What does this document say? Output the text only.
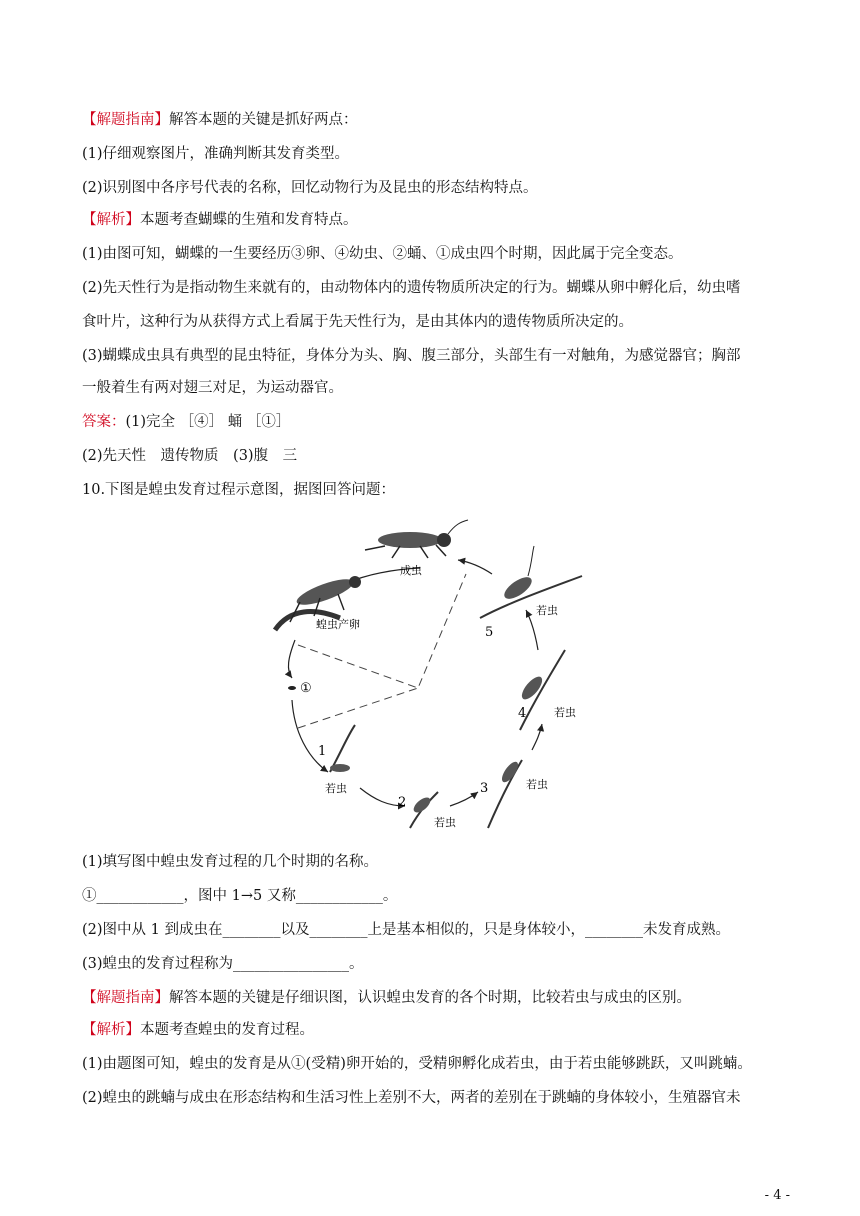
【解题指南】解答本题的关键是抓好两点：
(1)仔细观察图片，准确判断其发育类型。
(2)识别图中各序号代表的名称，回忆动物行为及昆虫的形态结构特点。
【解析】本题考查蝴蝶的生殖和发育特点。
(1)由图可知，蝴蝶的一生要经历③卵、④幼虫、②蛹、①成虫四个时期，因此属于完全变态。
(2)先天性行为是指动物生来就有的，由动物体内的遗传物质所决定的行为。蝴蝶从卵中孵化后，幼虫嗜
食叶片，这种行为从获得方式上看属于先天性行为，是由其体内的遗传物质所决定的。
(3)蝴蝶成虫具有典型的昆虫特征，身体分为头、胸、腹三部分，头部生有一对触角，为感觉器官；胸部
一般着生有两对翅三对足，为运动器官。
答案：(1)完全 ［④］ 蛹 ［①］
(2)先天性　遗传物质　(3)腹　三
10.下图是蝗虫发育过程示意图，据图回答问题：
成虫
蝗虫产卵
①
1
若虫
2
若虫
3	若虫
4	若虫
5
若虫
(1)填写图中蝗虫发育过程的几个时期的名称。
①____________，图中 1→5 又称____________。
(2)图中从 1 到成虫在________以及________上是基本相似的，只是身体较小，________未发育成熟。
(3)蝗虫的发育过程称为________________。
【解题指南】解答本题的关键是仔细识图，认识蝗虫发育的各个时期，比较若虫与成虫的区别。
【解析】本题考查蝗虫的发育过程。
(1)由题图可知，蝗虫的发育是从①(受精)卵开始的，受精卵孵化成若虫，由于若虫能够跳跃，又叫跳蝻。
(2)蝗虫的跳蝻与成虫在形态结构和生活习性上差别不大，两者的差别在于跳蝻的身体较小，生殖器官未
- 4 -
